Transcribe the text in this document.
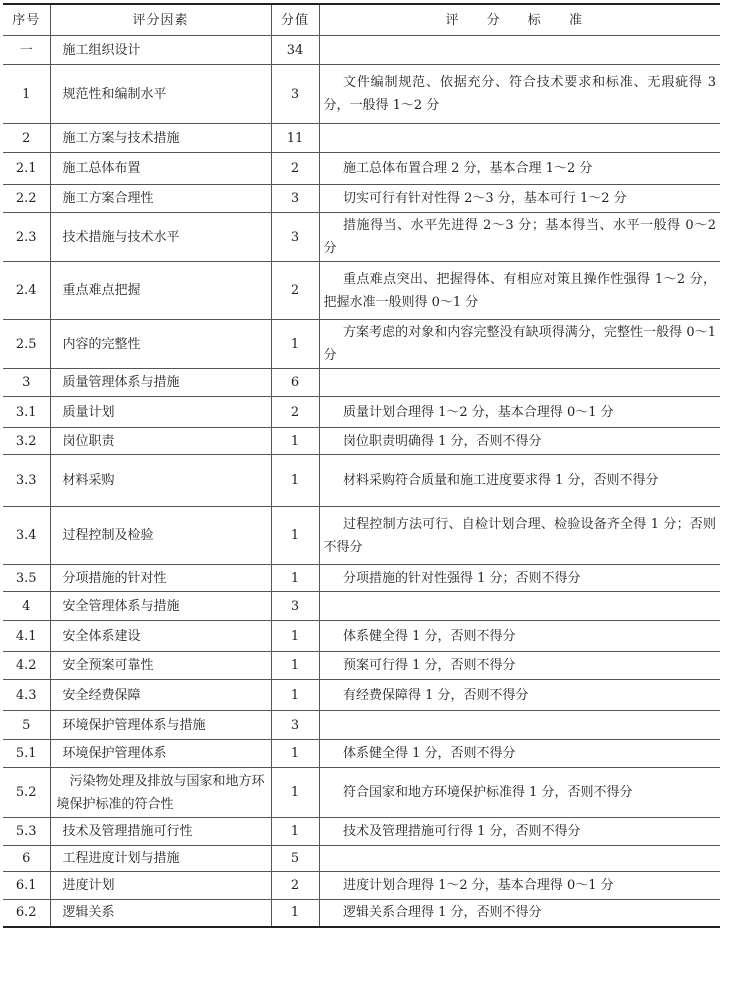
序号	评分因素	分值	评 分 标 准
一	施工组织设计	34	
1	规范性和编制水平	3	文件编制规范、依据充分、符合技术要求和标准、无瑕疵得 3 分，一般得 1～2 分
2	施工方案与技术措施	11	
2.1	施工总体布置	2	施工总体布置合理 2 分，基本合理 1～2 分
2.2	施工方案合理性	3	切实可行有针对性得 2～3 分，基本可行 1～2 分
2.3	技术措施与技术水平	3	措施得当、水平先进得 2～3 分；基本得当、水平一般得 0～2 分
2.4	重点难点把握	2	重点难点突出、把握得体、有相应对策且操作性强得 1～2 分，把握水准一般则得 0～1 分
2.5	内容的完整性	1	方案考虑的对象和内容完整没有缺项得满分，完整性一般得 0～1 分
3	质量管理体系与措施	6	
3.1	质量计划	2	质量计划合理得 1～2 分，基本合理得 0～1 分
3.2	岗位职责	1	岗位职责明确得 1 分，否则不得分
3.3	材料采购	1	材料采购符合质量和施工进度要求得 1 分，否则不得分
3.4	过程控制及检验	1	过程控制方法可行、自检计划合理、检验设备齐全得 1 分；否则不得分
3.5	分项措施的针对性	1	分项措施的针对性强得 1 分；否则不得分
4	安全管理体系与措施	3	
4.1	安全体系建设	1	体系健全得 1 分，否则不得分
4.2	安全预案可靠性	1	预案可行得 1 分，否则不得分
4.3	安全经费保障	1	有经费保障得 1 分，否则不得分
5	环境保护管理体系与措施	3	
5.1	环境保护管理体系	1	体系健全得 1 分，否则不得分
5.2	污染物处理及排放与国家和地方环境保护标准的符合性	1	符合国家和地方环境保护标准得 1 分，否则不得分
5.3	技术及管理措施可行性	1	技术及管理措施可行得 1 分，否则不得分
6	工程进度计划与措施	5	
6.1	进度计划	2	进度计划合理得 1～2 分，基本合理得 0～1 分
6.2	逻辑关系	1	逻辑关系合理得 1 分，否则不得分
